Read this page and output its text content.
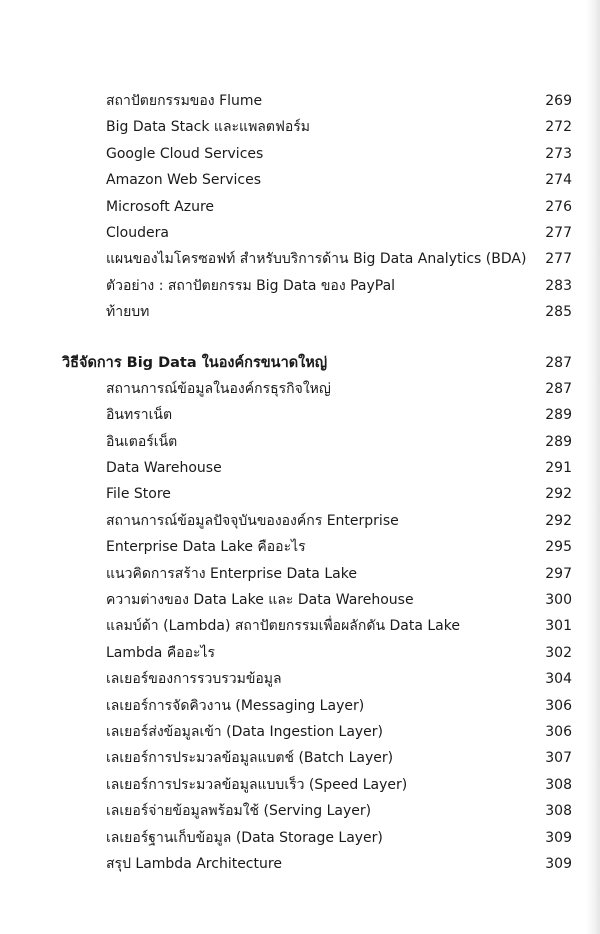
สถาปัตยกรรมของ Flume	269
Big Data Stack และแพลตฟอร์ม	272
Google Cloud Services	273
Amazon Web Services	274
Microsoft Azure	276
Cloudera	277
แผนของไมโครซอฟท์ สำหรับบริการด้าน Big Data Analytics (BDA) 277
ตัวอย่าง : สถาปัตยกรรม Big Data ของ PayPal	283
ท้ายบท	285
วิธีจัดการ Big Data ในองค์กรขนาดใหญ่	287
สถานการณ์ข้อมูลในองค์กรธุรกิจใหญ่	287
อินทราเน็ต	289
อินเตอร์เน็ต	289
Data Warehouse	291
File Store	292
สถานการณ์ข้อมูลปัจจุบันขององค์กร Enterprise	292
Enterprise Data Lake คืออะไร	295
แนวคิดการสร้าง Enterprise Data Lake	297
ความต่างของ Data Lake และ Data Warehouse	300
แลมบ์ด้า (Lambda) สถาปัตยกรรมเพื่อผลักดัน Data Lake	301
Lambda คืออะไร	302
เลเยอร์ของการรวบรวมข้อมูล	304
เลเยอร์การจัดคิวงาน (Messaging Layer)	306
เลเยอร์ส่งข้อมูลเข้า (Data Ingestion Layer)	306
เลเยอร์การประมวลข้อมูลแบตช์ (Batch Layer)	307
เลเยอร์การประมวลข้อมูลแบบเร็ว (Speed Layer)	308
เลเยอร์จ่ายข้อมูลพร้อมใช้ (Serving Layer)	308
เลเยอร์ฐานเก็บข้อมูล (Data Storage Layer)	309
สรุป Lambda Architecture	309
